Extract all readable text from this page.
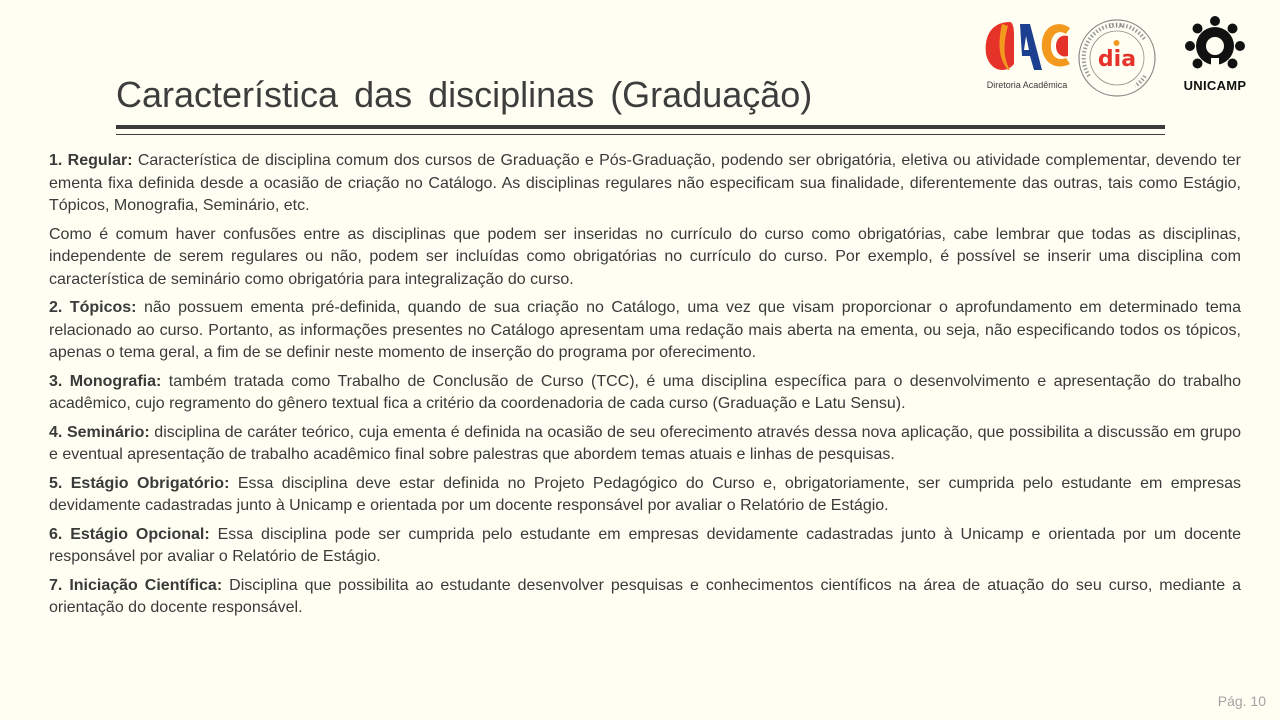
Característica das disciplinas (Graduação)	Diretoria Acadêmica
D.I.A.
dia
UNICAMP

1. Regular: Característica de disciplina comum dos cursos de Graduação e Pós-Graduação, podendo ser obrigatória, eletiva ou atividade complementar, devendo ter ementa fixa definida desde a ocasião de criação no Catálogo. As disciplinas regulares não especificam sua finalidade, diferentemente das outras, tais como Estágio, Tópicos, Monografia, Seminário, etc.

Como é comum haver confusões entre as disciplinas que podem ser inseridas no currículo do curso como obrigatórias, cabe lembrar que todas as disciplinas, independente de serem regulares ou não, podem ser incluídas como obrigatórias no currículo do curso. Por exemplo, é possível se inserir uma disciplina com característica de seminário como obrigatória para integralização do curso.

2. Tópicos: não possuem ementa pré-definida, quando de sua criação no Catálogo, uma vez que visam proporcionar o aprofundamento em determinado tema relacionado ao curso. Portanto, as informações presentes no Catálogo apresentam uma redação mais aberta na ementa, ou seja, não especificando todos os tópicos, apenas o tema geral, a fim de se definir neste momento de inserção do programa por oferecimento.

3. Monografia: também tratada como Trabalho de Conclusão de Curso (TCC), é uma disciplina específica para o desenvolvimento e apresentação do trabalho acadêmico, cujo regramento do gênero textual fica a critério da coordenadoria de cada curso (Graduação e Latu Sensu).

4. Seminário: disciplina de caráter teórico, cuja ementa é definida na ocasião de seu oferecimento através dessa nova aplicação, que possibilita a discussão em grupo e eventual apresentação de trabalho acadêmico final sobre palestras que abordem temas atuais e linhas de pesquisas.

5. Estágio Obrigatório: Essa disciplina deve estar definida no Projeto Pedagógico do Curso e, obrigatoriamente, ser cumprida pelo estudante em empresas devidamente cadastradas junto à Unicamp e orientada por um docente responsável por avaliar o Relatório de Estágio.

6. Estágio Opcional: Essa disciplina pode ser cumprida pelo estudante em empresas devidamente cadastradas junto à Unicamp e orientada por um docente responsável por avaliar o Relatório de Estágio.

7. Iniciação Científica: Disciplina que possibilita ao estudante desenvolver pesquisas e conhecimentos científicos na área de atuação do seu curso, mediante a orientação do docente responsável.

Pág. 10
